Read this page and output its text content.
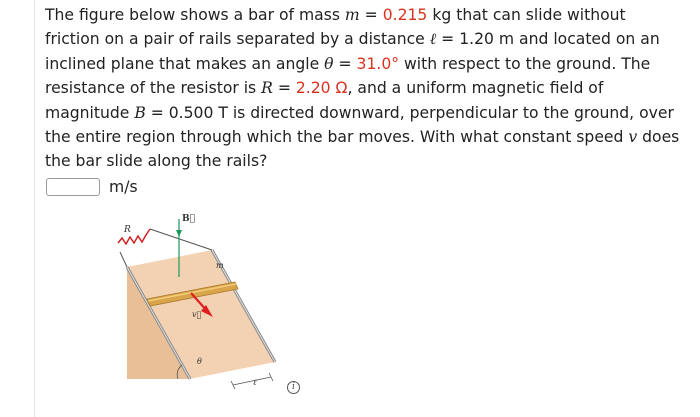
The figure below shows a bar of mass m = 0.215 kg that can slide without friction on a pair of rails separated by a distance ℓ = 1.20 m and located on an inclined plane that makes an angle θ = 31.0° with respect to the ground. The resistance of the resistor is R = 2.20 Ω, and a uniform magnetic field of magnitude B = 0.500 T is directed downward, perpendicular to the ground, over the entire region through which the bar moves. With what constant speed v does the bar slide along the rails?
m/s
R
B⃗
m
v⃗
θ
ℓ	i
